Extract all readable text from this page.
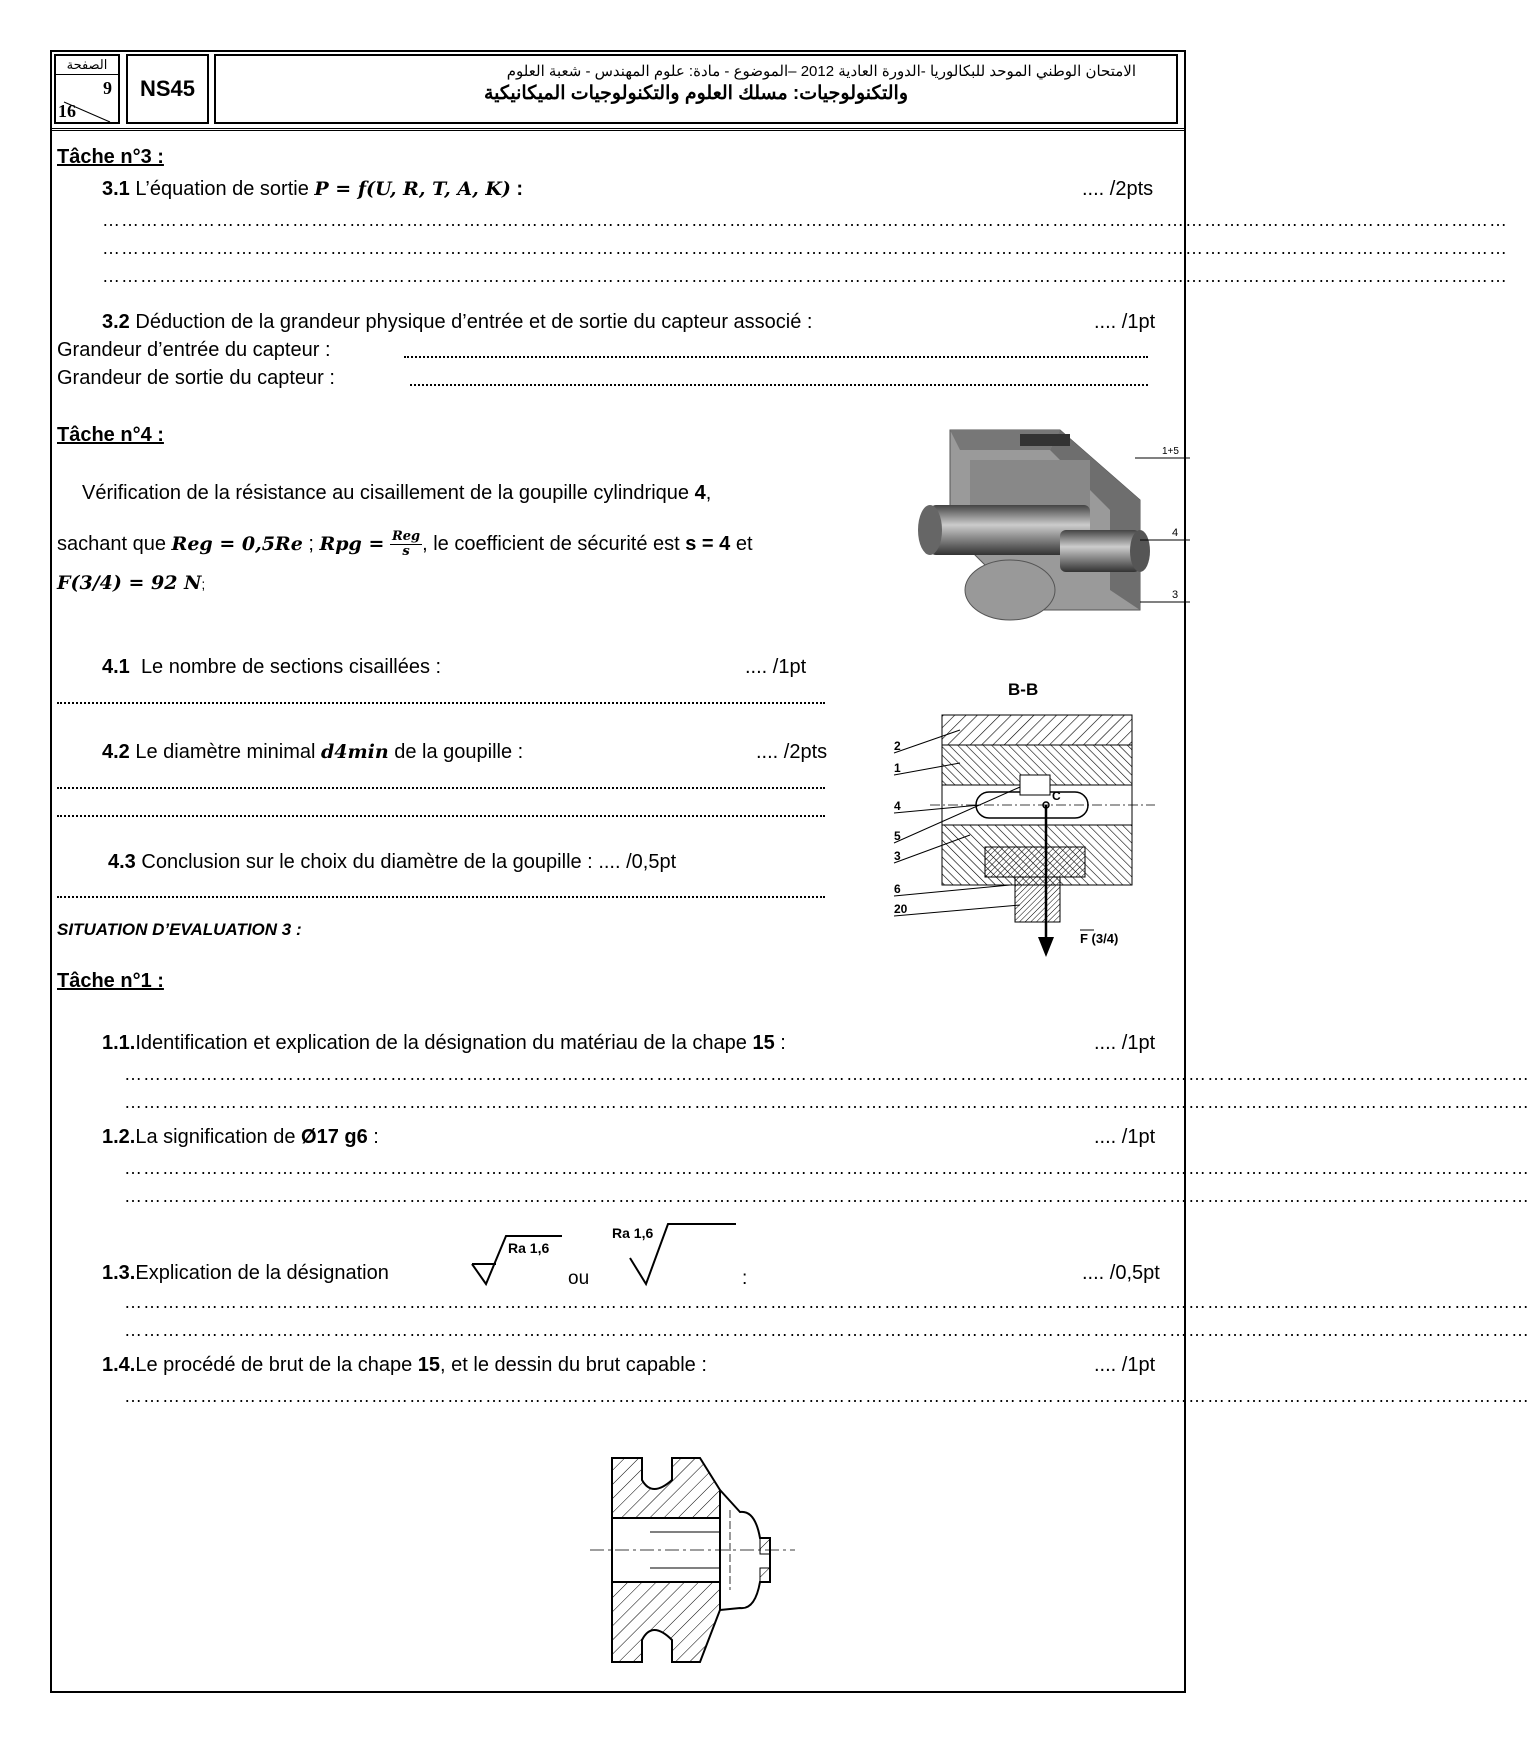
الصفحة
9
16
NS45
الامتحان الوطني الموحد للبكالوريا -الدورة العادية 2012 –الموضوع - مادة: علوم المهندس - شعبة العلوم
والتكنولوجيات: مسلك العلوم والتكنولوجيات الميكانيكية
Tâche n°3 :
3.1 L’équation de sortie P = f(U, R, T, A, K) :	.... /2pts
……………………………………………………………………………………………………………………………………………………………………………………………………
……………………………………………………………………………………………………………………………………………………………………………………………………
……………………………………………………………………………………………………………………………………………………………………………………………………
3.2 Déduction de la grandeur physique d’entrée et de sortie du capteur associé :	.... /1pt
Grandeur d’entrée du capteur :
Grandeur de sortie du capteur :
Tâche n°4 :
Vérification de la résistance au cisaillement de la goupille cylindrique 4,
sachant que Reg = 0,5Re ; Rpg = $\frac{\text{Reg}}{s}$ , le coefficient de sécurité est s = 4 et
F(3/4) = 92 N;
4.1 Le nombre de sections cisaillées :	.... /1pt
4.2 Le diamètre minimal d4min de la goupille :	.... /2pts
4.3 Conclusion sur le choix du diamètre de la goupille : .... /0,5pt
SITUATION D’EVALUATION 3 :
Tâche n°1 :
1.1.Identification et explication de la désignation du matériau de la chape 15 :	.... /1pt
……………………………………………………………………………………………………………………………………………………………………………………………………
……………………………………………………………………………………………………………………………………………………………………………………………………
1.2.La signification de Ø17 g6 :	.... /1pt
……………………………………………………………………………………………………………………………………………………………………………………………………
……………………………………………………………………………………………………………………………………………………………………………………………………
1.3.Explication de la désignation
Ra 1,6
ou
Ra 1,6
:	.... /0,5pt
……………………………………………………………………………………………………………………………………………………………………………………………………
……………………………………………………………………………………………………………………………………………………………………………………………………
1.4.Le procédé de brut de la chape 15, et le dessin du brut capable :	.... /1pt
……………………………………………………………………………………………………………………………………………………………………………………………………
1+5
4
3
B-B
C
F (3/4)
2
1
4
5
3
6
20
